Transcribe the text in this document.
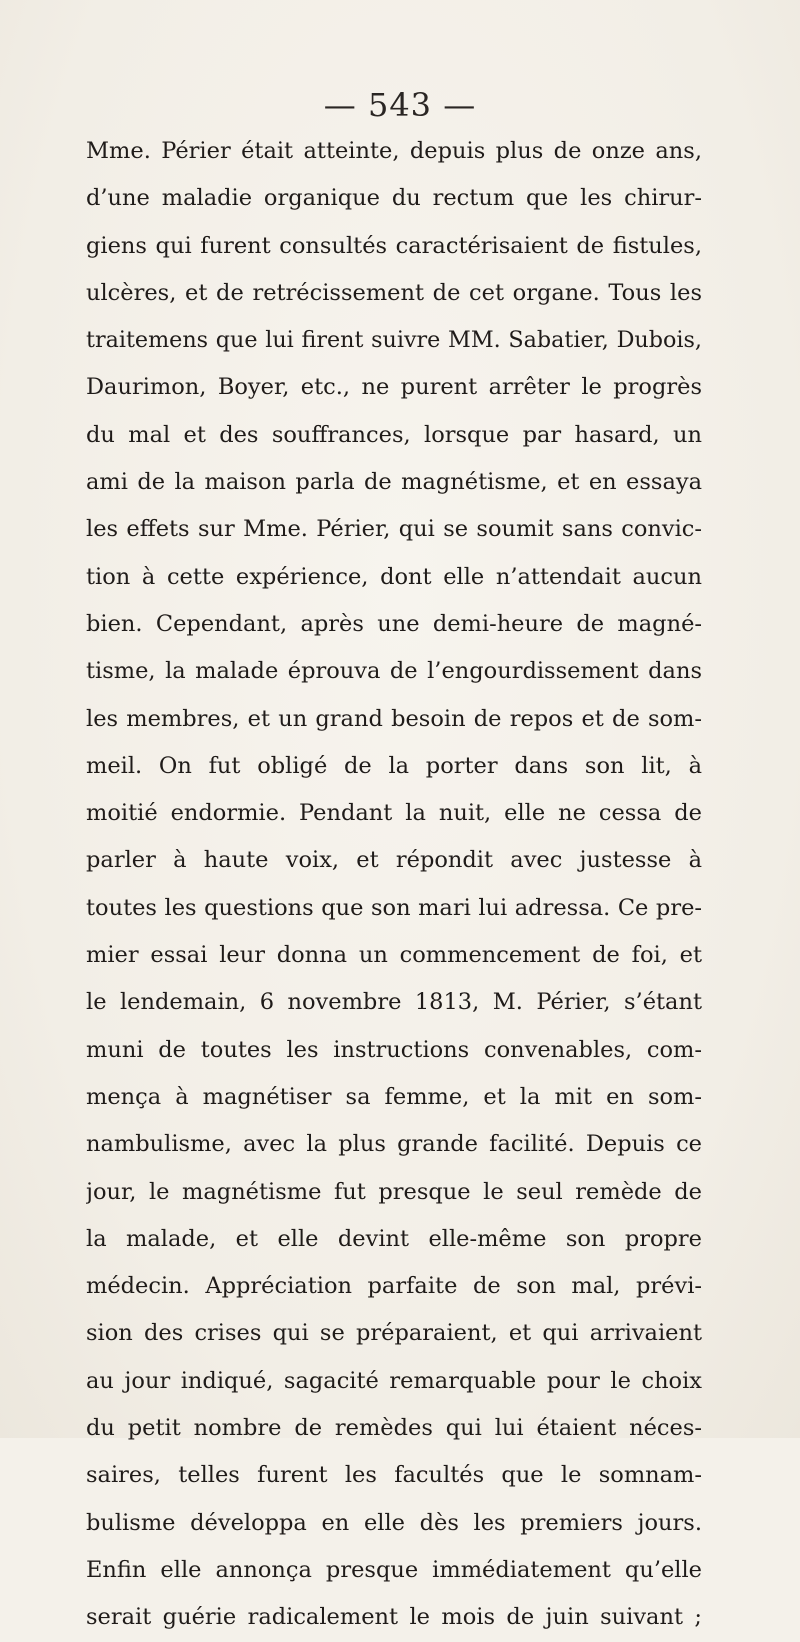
— 543 —
Mme. Périer était atteinte, depuis plus de onze ans,
d’une maladie organique du rectum que les chirur-
giens qui furent consultés caractérisaient de fistules,
ulcères, et de retrécissement de cet organe. Tous les
traitemens que lui firent suivre MM. Sabatier, Dubois,
Daurimon, Boyer, etc., ne purent arrêter le progrès
du mal et des souffrances, lorsque par hasard, un
ami de la maison parla de magnétisme, et en essaya
les effets sur Mme. Périer, qui se soumit sans convic-
tion à cette expérience, dont elle n’attendait aucun
bien. Cependant, après une demi-heure de magné-
tisme, la malade éprouva de l’engourdissement dans
les membres, et un grand besoin de repos et de som-
meil. On fut obligé de la porter dans son lit, à
moitié endormie. Pendant la nuit, elle ne cessa de
parler à haute voix, et répondit avec justesse à
toutes les questions que son mari lui adressa. Ce pre-
mier essai leur donna un commencement de foi, et
le lendemain, 6 novembre 1813, M. Périer, s’étant
muni de toutes les instructions convenables, com-
mença à magnétiser sa femme, et la mit en som-
nambulisme, avec la plus grande facilité. Depuis ce
jour, le magnétisme fut presque le seul remède de
la malade, et elle devint elle-même son propre
médecin. Appréciation parfaite de son mal, prévi-
sion des crises qui se préparaient, et qui arrivaient
au jour indiqué, sagacité remarquable pour le choix
du petit nombre de remèdes qui lui étaient néces-
saires, telles furent les facultés que le somnam-
bulisme développa en elle dès les premiers jours.
Enfin elle annonça presque immédiatement qu’elle
serait guérie radicalement le mois de juin suivant ;
